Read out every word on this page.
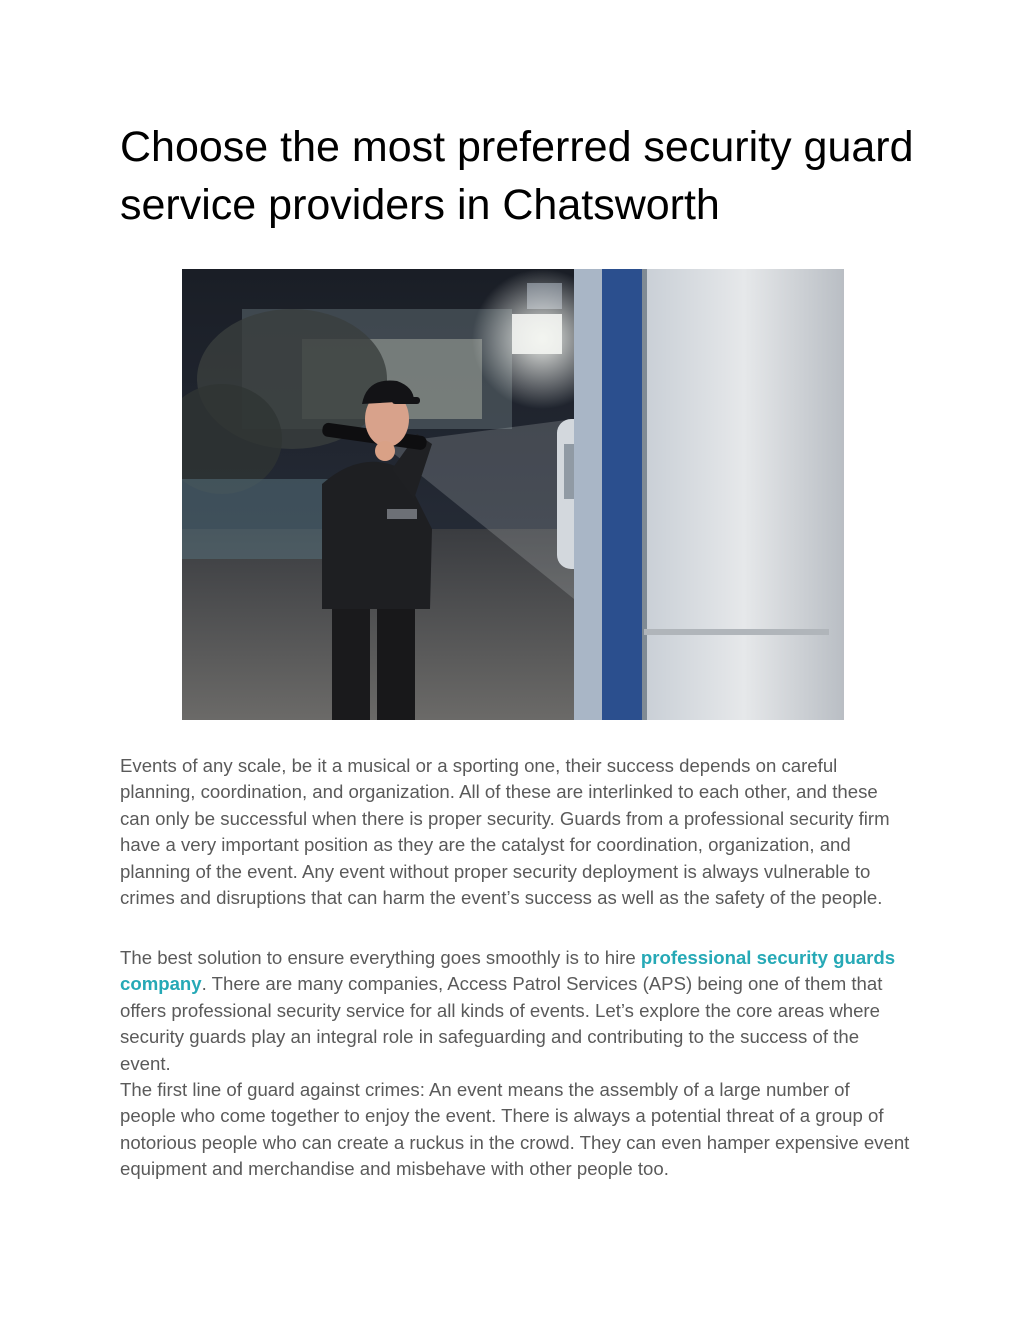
Choose the most preferred security guard service providers in Chatsworth

Events of any scale, be it a musical or a sporting one, their success depends on careful planning, coordination, and organization. All of these are interlinked to each other, and these can only be successful when there is proper security. Guards from a professional security firm have a very important position as they are the catalyst for coordination, organization, and planning of the event. Any event without proper security deployment is always vulnerable to crimes and disruptions that can harm the event’s success as well as the safety of the people.

The best solution to ensure everything goes smoothly is to hire professional security guards company. There are many companies, Access Patrol Services (APS) being one of them that offers professional security service for all kinds of events. Let’s explore the core areas where security guards play an integral role in safeguarding and contributing to the success of the event.

The first line of guard against crimes: An event means the assembly of a large number of people who come together to enjoy the event. There is always a potential threat of a group of notorious people who can create a ruckus in the crowd. They can even hamper expensive event equipment and merchandise and misbehave with other people too.
